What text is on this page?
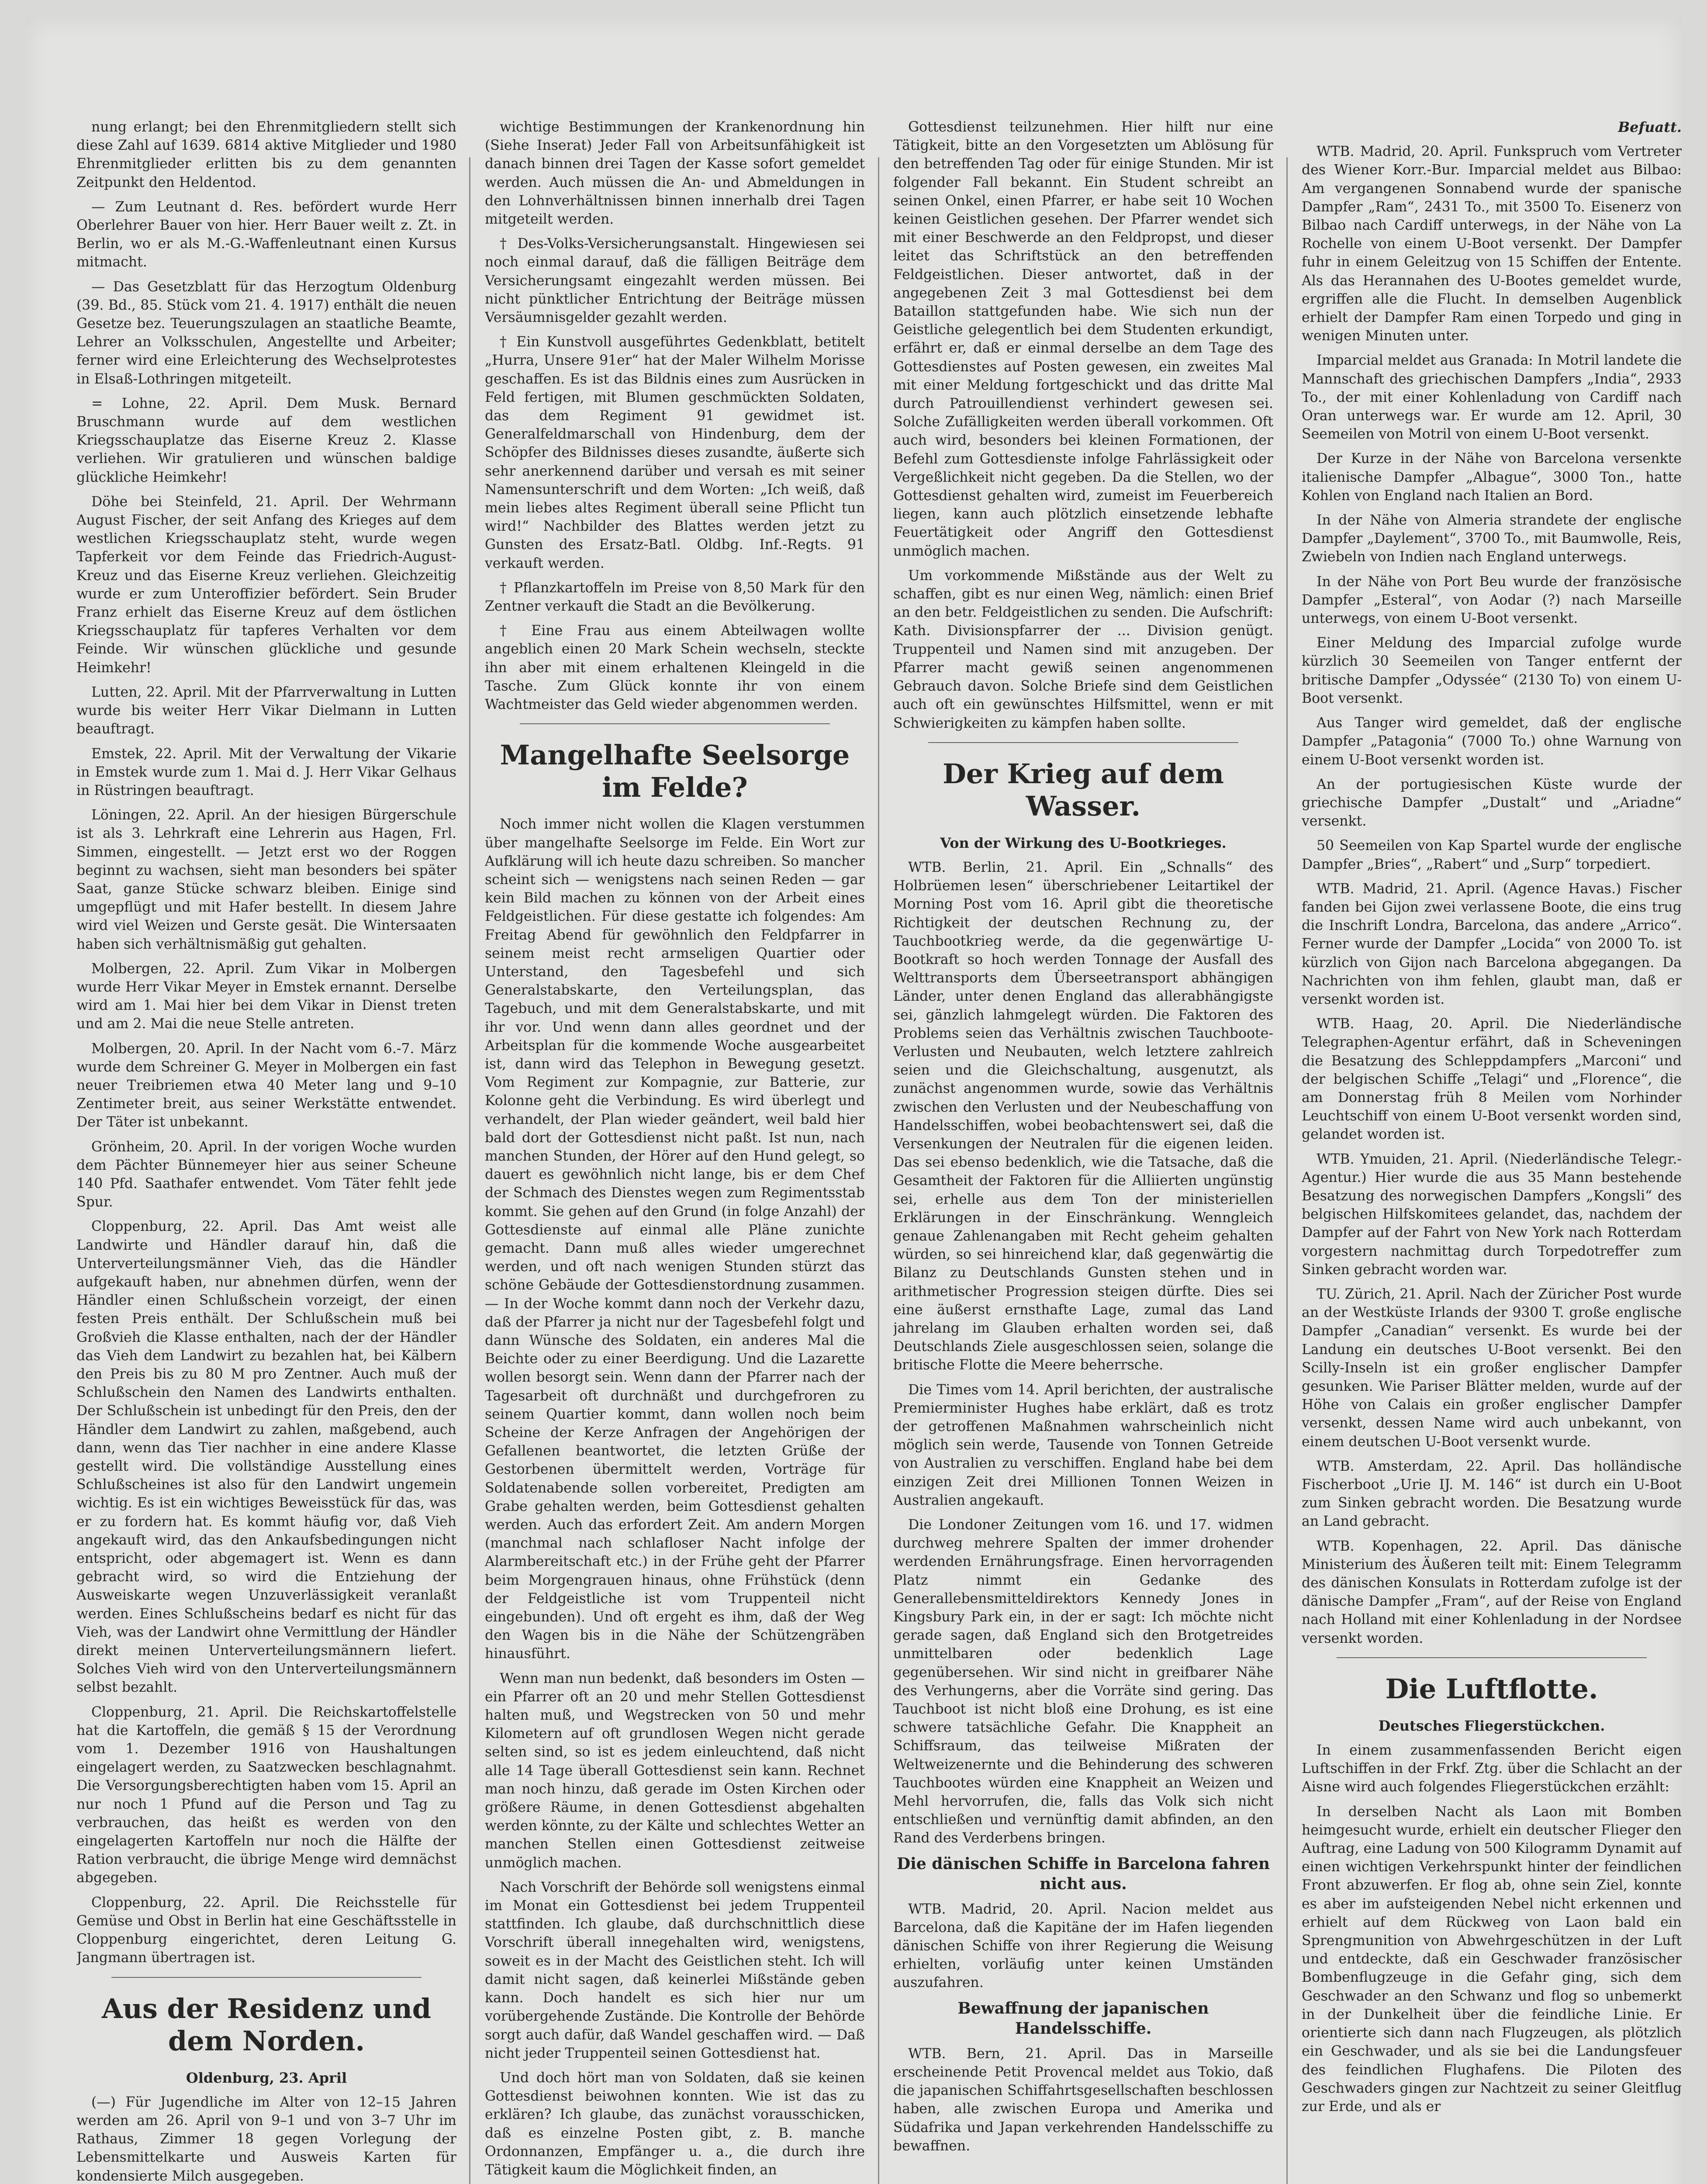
nung erlangt; bei den Ehrenmitgliedern stellt sich diese Zahl auf 1639. 6814 aktive Mitglieder und 1980 Ehrenmitglieder erlitten bis zu dem genannten Zeitpunkt den Heldentod.

— Zum Leutnant d. Res. befördert wurde Herr Oberlehrer Bauer von hier. Herr Bauer weilt z. Zt. in Berlin, wo er als M.-G.-Waffenleutnant einen Kursus mitmacht.

— Das Gesetzblatt für das Herzogtum Oldenburg (39. Bd., 85. Stück vom 21. 4. 1917) enthält die neuen Gesetze bez. Teuerungszulagen an staatliche Beamte, Lehrer an Volksschulen, Angestellte und Arbeiter; ferner wird eine Erleichterung des Wechselprotestes in Elsaß-Lothringen mitgeteilt.

= Lohne, 22. April. Dem Musk. Bernard Bruschmann wurde auf dem westlichen Kriegsschauplatze das Eiserne Kreuz 2. Klasse verliehen. Wir gratulieren und wünschen baldige glückliche Heimkehr!

Döhe bei Steinfeld, 21. April. Der Wehrmann August Fischer, der seit Anfang des Krieges auf dem westlichen Kriegsschauplatz steht, wurde wegen Tapferkeit vor dem Feinde das Friedrich-August-Kreuz und das Eiserne Kreuz verliehen. Gleichzeitig wurde er zum Unteroffizier befördert. Sein Bruder Franz erhielt das Eiserne Kreuz auf dem östlichen Kriegsschauplatz für tapferes Verhalten vor dem Feinde. Wir wünschen glückliche und gesunde Heimkehr!

Lutten, 22. April. Mit der Pfarrverwaltung in Lutten wurde bis weiter Herr Vikar Dielmann in Lutten beauftragt.

Emstek, 22. April. Mit der Verwaltung der Vikarie in Emstek wurde zum 1. Mai d. J. Herr Vikar Gelhaus in Rüstringen beauftragt.

Löningen, 22. April. An der hiesigen Bürgerschule ist als 3. Lehrkraft eine Lehrerin aus Hagen, Frl. Simmen, eingestellt. — Jetzt erst wo der Roggen beginnt zu wachsen, sieht man besonders bei später Saat, ganze Stücke schwarz bleiben. Einige sind umgepflügt und mit Hafer bestellt. In diesem Jahre wird viel Weizen und Gerste gesät. Die Wintersaaten haben sich verhältnismäßig gut gehalten.

Molbergen, 22. April. Zum Vikar in Molbergen wurde Herr Vikar Meyer in Emstek ernannt. Derselbe wird am 1. Mai hier bei dem Vikar in Dienst treten und am 2. Mai die neue Stelle antreten.

Molbergen, 20. April. In der Nacht vom 6.-7. März wurde dem Schreiner G. Meyer in Molbergen ein fast neuer Treibriemen etwa 40 Meter lang und 9–10 Zentimeter breit, aus seiner Werkstätte entwendet. Der Täter ist unbekannt.

Grönheim, 20. April. In der vorigen Woche wurden dem Pächter Bünnemeyer hier aus seiner Scheune 140 Pfd. Saathafer entwendet. Vom Täter fehlt jede Spur.

Cloppenburg, 22. April. Das Amt weist alle Landwirte und Händler darauf hin, daß die Unterverteilungsmänner Vieh, das die Händler aufgekauft haben, nur abnehmen dürfen, wenn der Händler einen Schlußschein vorzeigt, der einen festen Preis enthält. Der Schlußschein muß bei Großvieh die Klasse enthalten, nach der der Händler das Vieh dem Landwirt zu bezahlen hat, bei Kälbern den Preis bis zu 80 M pro Zentner. Auch muß der Schlußschein den Namen des Landwirts enthalten. Der Schlußschein ist unbedingt für den Preis, den der Händler dem Landwirt zu zahlen, maßgebend, auch dann, wenn das Tier nachher in eine andere Klasse gestellt wird. Die vollständige Ausstellung eines Schlußscheines ist also für den Landwirt ungemein wichtig. Es ist ein wichtiges Beweisstück für das, was er zu fordern hat. Es kommt häufig vor, daß Vieh angekauft wird, das den Ankaufsbedingungen nicht entspricht, oder abgemagert ist. Wenn es dann gebracht wird, so wird die Entziehung der Ausweiskarte wegen Unzuverlässigkeit veranlaßt werden. Eines Schlußscheins bedarf es nicht für das Vieh, was der Landwirt ohne Vermittlung der Händler direkt meinen Unterverteilungsmännern liefert. Solches Vieh wird von den Unterverteilungsmännern selbst bezahlt.

Cloppenburg, 21. April. Die Reichskartoffelstelle hat die Kartoffeln, die gemäß § 15 der Verordnung vom 1. Dezember 1916 von Haushaltungen eingelagert werden, zu Saatzwecken beschlagnahmt. Die Versorgungsberechtigten haben vom 15. April an nur noch 1 Pfund auf die Person und Tag zu verbrauchen, das heißt es werden von den eingelagerten Kartoffeln nur noch die Hälfte der Ration verbraucht, die übrige Menge wird demnächst abgegeben.

Cloppenburg, 22. April. Die Reichsstelle für Gemüse und Obst in Berlin hat eine Geschäftsstelle in Cloppenburg eingerichtet, deren Leitung G. Jangmann übertragen ist.

Aus der Residenz und dem Norden.

Oldenburg, 23. April

(—) Für Jugendliche im Alter von 12–15 Jahren werden am 26. April von 9–1 und von 3–7 Uhr im Rathaus, Zimmer 18 gegen Vorlegung der Lebensmittelkarte und Ausweis Karten für kondensierte Milch ausgegeben.

wichtige Bestimmungen der Krankenordnung hin (Siehe Inserat) Jeder Fall von Arbeitsunfähigkeit ist danach binnen drei Tagen der Kasse sofort gemeldet werden. Auch müssen die An- und Abmeldungen in den Lohnverhältnissen binnen innerhalb drei Tagen mitgeteilt werden.

† Des-Volks-Versicherungsanstalt. Hingewiesen sei noch einmal darauf, daß die fälligen Beiträge dem Versicherungsamt eingezahlt werden müssen. Bei nicht pünktlicher Entrichtung der Beiträge müssen Versäumnisgelder gezahlt werden.

† Ein Kunstvoll ausgeführtes Gedenkblatt, betitelt „Hurra, Unsere 91er“ hat der Maler Wilhelm Morisse geschaffen. Es ist das Bildnis eines zum Ausrücken in Feld fertigen, mit Blumen geschmückten Soldaten, das dem Regiment 91 gewidmet ist. Generalfeldmarschall von Hindenburg, dem der Schöpfer des Bildnisses dieses zusandte, äußerte sich sehr anerkennend darüber und versah es mit seiner Namensunterschrift und dem Worten: „Ich weiß, daß mein liebes altes Regiment überall seine Pflicht tun wird!“ Nachbilder des Blattes werden jetzt zu Gunsten des Ersatz-Batl. Oldbg. Inf.-Regts. 91 verkauft werden.

† Pflanzkartoffeln im Preise von 8,50 Mark für den Zentner verkauft die Stadt an die Bevölkerung.

† Eine Frau aus einem Abteilwagen wollte angeblich einen 20 Mark Schein wechseln, steckte ihn aber mit einem erhaltenen Kleingeld in die Tasche. Zum Glück konnte ihr von einem Wachtmeister das Geld wieder abgenommen werden.

Mangelhafte Seelsorge im Felde?

Noch immer nicht wollen die Klagen verstummen über mangelhafte Seelsorge im Felde. Ein Wort zur Aufklärung will ich heute dazu schreiben. So mancher scheint sich — wenigstens nach seinen Reden — gar kein Bild machen zu können von der Arbeit eines Feldgeistlichen. Für diese gestatte ich folgendes: Am Freitag Abend für gewöhnlich den Feldpfarrer in seinem meist recht armseligen Quartier oder Unterstand, den Tagesbefehl und sich Generalstabskarte, den Verteilungsplan, das Tagebuch, und mit dem Generalstabskarte, und mit ihr vor. Und wenn dann alles geordnet und der Arbeitsplan für die kommende Woche ausgearbeitet ist, dann wird das Telephon in Bewegung gesetzt. Vom Regiment zur Kompagnie, zur Batterie, zur Kolonne geht die Verbindung. Es wird überlegt und verhandelt, der Plan wieder geändert, weil bald hier bald dort der Gottesdienst nicht paßt. Ist nun, nach manchen Stunden, der Hörer auf den Hund gelegt, so dauert es gewöhnlich nicht lange, bis er dem Chef der Schmach des Dienstes wegen zum Regimentsstab kommt. Sie gehen auf den Grund (in folge Anzahl) der Gottesdienste auf einmal alle Pläne zunichte gemacht. Dann muß alles wieder umgerechnet werden, und oft nach wenigen Stunden stürzt das schöne Gebäude der Gottesdienstordnung zusammen. — In der Woche kommt dann noch der Verkehr dazu, daß der Pfarrer ja nicht nur der Tagesbefehl folgt und dann Wünsche des Soldaten, ein anderes Mal die Beichte oder zu einer Beerdigung. Und die Lazarette wollen besorgt sein. Wenn dann der Pfarrer nach der Tagesarbeit oft durchnäßt und durchgefroren zu seinem Quartier kommt, dann wollen noch beim Scheine der Kerze Anfragen der Angehörigen der Gefallenen beantwortet, die letzten Grüße der Gestorbenen übermittelt werden, Vorträge für Soldatenabende sollen vorbereitet, Predigten am Grabe gehalten werden, beim Gottesdienst gehalten werden. Auch das erfordert Zeit. Am andern Morgen (manchmal nach schlafloser Nacht infolge der Alarmbereitschaft etc.) in der Frühe geht der Pfarrer beim Morgengrauen hinaus, ohne Frühstück (denn der Feldgeistliche ist vom Truppenteil nicht eingebunden). Und oft ergeht es ihm, daß der Weg den Wagen bis in die Nähe der Schützengräben hinausführt.

Wenn man nun bedenkt, daß besonders im Osten — ein Pfarrer oft an 20 und mehr Stellen Gottesdienst halten muß, und Wegstrecken von 50 und mehr Kilometern auf oft grundlosen Wegen nicht gerade selten sind, so ist es jedem einleuchtend, daß nicht alle 14 Tage überall Gottesdienst sein kann. Rechnet man noch hinzu, daß gerade im Osten Kirchen oder größere Räume, in denen Gottesdienst abgehalten werden könnte, zu der Kälte und schlechtes Wetter an manchen Stellen einen Gottesdienst zeitweise unmöglich machen.

Nach Vorschrift der Behörde soll wenigstens einmal im Monat ein Gottesdienst bei jedem Truppenteil stattfinden. Ich glaube, daß durchschnittlich diese Vorschrift überall innegehalten wird, wenigstens, soweit es in der Macht des Geistlichen steht. Ich will damit nicht sagen, daß keinerlei Mißstände geben kann. Doch handelt es sich hier nur um vorübergehende Zustände. Die Kontrolle der Behörde sorgt auch dafür, daß Wandel geschaffen wird. — Daß nicht jeder Truppenteil seinen Gottesdienst hat.

Und doch hört man von Soldaten, daß sie keinen Gottesdienst beiwohnen konnten. Wie ist das zu erklären? Ich glaube, das zunächst vorausschicken, daß es einzelne Posten gibt, z. B. manche Ordonnanzen, Empfänger u. a., die durch ihre Tätigkeit kaum die Möglichkeit finden, an

Gottesdienst teilzunehmen. Hier hilft nur eine Tätigkeit, bitte an den Vorgesetzten um Ablösung für den betreffenden Tag oder für einige Stunden. Mir ist folgender Fall bekannt. Ein Student schreibt an seinen Onkel, einen Pfarrer, er habe seit 10 Wochen keinen Geistlichen gesehen. Der Pfarrer wendet sich mit einer Beschwerde an den Feldpropst, und dieser leitet das Schriftstück an den betreffenden Feldgeistlichen. Dieser antwortet, daß in der angegebenen Zeit 3 mal Gottesdienst bei dem Bataillon stattgefunden habe. Wie sich nun der Geistliche gelegentlich bei dem Studenten erkundigt, erfährt er, daß er einmal derselbe an dem Tage des Gottesdienstes auf Posten gewesen, ein zweites Mal mit einer Meldung fortgeschickt und das dritte Mal durch Patrouillendienst verhindert gewesen sei. Solche Zufälligkeiten werden überall vorkommen. Oft auch wird, besonders bei kleinen Formationen, der Befehl zum Gottesdienste infolge Fahrlässigkeit oder Vergeßlichkeit nicht gegeben. Da die Stellen, wo der Gottesdienst gehalten wird, zumeist im Feuerbereich liegen, kann auch plötzlich einsetzende lebhafte Feuertätigkeit oder Angriff den Gottesdienst unmöglich machen.

Um vorkommende Mißstände aus der Welt zu schaffen, gibt es nur einen Weg, nämlich: einen Brief an den betr. Feldgeistlichen zu senden. Die Aufschrift: Kath. Divisionspfarrer der ... Division genügt. Truppenteil und Namen sind mit anzugeben. Der Pfarrer macht gewiß seinen angenommenen Gebrauch davon. Solche Briefe sind dem Geistlichen auch oft ein gewünschtes Hilfsmittel, wenn er mit Schwierigkeiten zu kämpfen haben sollte.

Der Krieg auf dem Wasser.

Von der Wirkung des U-Bootkrieges.

WTB. Berlin, 21. April. Ein „Schnalls“ des Holbrüemen lesen“ überschriebener Leitartikel der Morning Post vom 16. April gibt die theoretische Richtigkeit der deutschen Rechnung zu, der Tauchbootkrieg werde, da die gegenwärtige U-Bootkraft so hoch werden Tonnage der Ausfall des Welttransports dem Überseetransport abhängigen Länder, unter denen England das allerabhängigste sei, gänzlich lahmgelegt würden. Die Faktoren des Problems seien das Verhältnis zwischen Tauchboote-Verlusten und Neubauten, welch letztere zahlreich seien und die Gleichschaltung, ausgenutzt, als zunächst angenommen wurde, sowie das Verhältnis zwischen den Verlusten und der Neubeschaffung von Handelsschiffen, wobei beobachtenswert sei, daß die Versenkungen der Neutralen für die eigenen leiden. Das sei ebenso bedenklich, wie die Tatsache, daß die Gesamtheit der Faktoren für die Alliierten ungünstig sei, erhelle aus dem Ton der ministeriellen Erklärungen in der Einschränkung. Wenngleich genaue Zahlenangaben mit Recht geheim gehalten würden, so sei hinreichend klar, daß gegenwärtig die Bilanz zu Deutschlands Gunsten stehen und in arithmetischer Progression steigen dürfte. Dies sei eine äußerst ernsthafte Lage, zumal das Land jahrelang im Glauben erhalten worden sei, daß Deutschlands Ziele ausgeschlossen seien, solange die britische Flotte die Meere beherrsche.

Die Times vom 14. April berichten, der australische Premierminister Hughes habe erklärt, daß es trotz der getroffenen Maßnahmen wahrscheinlich nicht möglich sein werde, Tausende von Tonnen Getreide von Australien zu verschiffen. England habe bei dem einzigen Zeit drei Millionen Tonnen Weizen in Australien angekauft.

Die Londoner Zeitungen vom 16. und 17. widmen durchweg mehrere Spalten der immer drohender werdenden Ernährungsfrage. Einen hervorragenden Platz nimmt ein Gedanke des Generallebensmitteldirektors Kennedy Jones in Kingsbury Park ein, in der er sagt: Ich möchte nicht gerade sagen, daß England sich den Brotgetreides unmittelbaren oder bedenklich Lage gegenübersehen. Wir sind nicht in greifbarer Nähe des Verhungerns, aber die Vorräte sind gering. Das Tauchboot ist nicht bloß eine Drohung, es ist eine schwere tatsächliche Gefahr. Die Knappheit an Schiffsraum, das teilweise Mißraten der Weltweizenernte und die Behinderung des schweren Tauchbootes würden eine Knappheit an Weizen und Mehl hervorrufen, die, falls das Volk sich nicht entschließen und vernünftig damit abfinden, an den Rand des Verderbens bringen.

Die dänischen Schiffe in Barcelona fahren nicht aus.

WTB. Madrid, 20. April. Nacion meldet aus Barcelona, daß die Kapitäne der im Hafen liegenden dänischen Schiffe von ihrer Regierung die Weisung erhielten, vorläufig unter keinen Umständen auszufahren.

Bewaffnung der japanischen Handelsschiffe.

WTB. Bern, 21. April. Das in Marseille erscheinende Petit Provencal meldet aus Tokio, daß die japanischen Schiffahrtsgesellschaften beschlossen haben, alle zwischen Europa und Amerika und Südafrika und Japan verkehrenden Handelsschiffe zu bewaffnen.

Befuatt.

WTB. Madrid, 20. April. Funkspruch vom Vertreter des Wiener Korr.-Bur. Imparcial meldet aus Bilbao: Am vergangenen Sonnabend wurde der spanische Dampfer „Ram“, 2431 To., mit 3500 To. Eisenerz von Bilbao nach Cardiff unterwegs, in der Nähe von La Rochelle von einem U-Boot versenkt. Der Dampfer fuhr in einem Geleitzug von 15 Schiffen der Entente. Als das Herannahen des U-Bootes gemeldet wurde, ergriffen alle die Flucht. In demselben Augenblick erhielt der Dampfer Ram einen Torpedo und ging in wenigen Minuten unter.

Imparcial meldet aus Granada: In Motril landete die Mannschaft des griechischen Dampfers „India“, 2933 To., der mit einer Kohlenladung von Cardiff nach Oran unterwegs war. Er wurde am 12. April, 30 Seemeilen von Motril von einem U-Boot versenkt.

Der Kurze in der Nähe von Barcelona versenkte italienische Dampfer „Albague“, 3000 Ton., hatte Kohlen von England nach Italien an Bord.

In der Nähe von Almeria strandete der englische Dampfer „Daylement“, 3700 To., mit Baumwolle, Reis, Zwiebeln von Indien nach England unterwegs.

In der Nähe von Port Beu wurde der französische Dampfer „Esteral“, von Aodar (?) nach Marseille unterwegs, von einem U-Boot versenkt.

Einer Meldung des Imparcial zufolge wurde kürzlich 30 Seemeilen von Tanger entfernt der britische Dampfer „Odyssée“ (2130 To) von einem U-Boot versenkt.

Aus Tanger wird gemeldet, daß der englische Dampfer „Patagonia“ (7000 To.) ohne Warnung von einem U-Boot versenkt worden ist.

An der portugiesischen Küste wurde der griechische Dampfer „Dustalt“ und „Ariadne“ versenkt.

50 Seemeilen von Kap Spartel wurde der englische Dampfer „Bries“, „Rabert“ und „Surp“ torpediert.

WTB. Madrid, 21. April. (Agence Havas.) Fischer fanden bei Gijon zwei verlassene Boote, die eins trug die Inschrift Londra, Barcelona, das andere „Arrico“. Ferner wurde der Dampfer „Locida“ von 2000 To. ist kürzlich von Gijon nach Barcelona abgegangen. Da Nachrichten von ihm fehlen, glaubt man, daß er versenkt worden ist.

WTB. Haag, 20. April. Die Niederländische Telegraphen-Agentur erfährt, daß in Scheveningen die Besatzung des Schleppdampfers „Marconi“ und der belgischen Schiffe „Telagi“ und „Florence“, die am Donnerstag früh 8 Meilen vom Norhinder Leuchtschiff von einem U-Boot versenkt worden sind, gelandet worden ist.

WTB. Ymuiden, 21. April. (Niederländische Telegr.-Agentur.) Hier wurde die aus 35 Mann bestehende Besatzung des norwegischen Dampfers „Kongsli“ des belgischen Hilfskomitees gelandet, das, nachdem der Dampfer auf der Fahrt von New York nach Rotterdam vorgestern nachmittag durch Torpedotreffer zum Sinken gebracht worden war.

TU. Zürich, 21. April. Nach der Züricher Post wurde an der Westküste Irlands der 9300 T. große englische Dampfer „Canadian“ versenkt. Es wurde bei der Landung ein deutsches U-Boot versenkt. Bei den Scilly-Inseln ist ein großer englischer Dampfer gesunken. Wie Pariser Blätter melden, wurde auf der Höhe von Calais ein großer englischer Dampfer versenkt, dessen Name wird auch unbekannt, von einem deutschen U-Boot versenkt wurde.

WTB. Amsterdam, 22. April. Das holländische Fischerboot „Urie IJ. M. 146“ ist durch ein U-Boot zum Sinken gebracht worden. Die Besatzung wurde an Land gebracht.

WTB. Kopenhagen, 22. April. Das dänische Ministerium des Äußeren teilt mit: Einem Telegramm des dänischen Konsulats in Rotterdam zufolge ist der dänische Dampfer „Fram“, auf der Reise von England nach Holland mit einer Kohlenladung in der Nordsee versenkt worden.

Die Luftflotte.

Deutsches Fliegerstückchen.

In einem zusammenfassenden Bericht eigen Luftschiffen in der Frkf. Ztg. über die Schlacht an der Aisne wird auch folgendes Fliegerstückchen erzählt:

In derselben Nacht als Laon mit Bomben heimgesucht wurde, erhielt ein deutscher Flieger den Auftrag, eine Ladung von 500 Kilogramm Dynamit auf einen wichtigen Verkehrspunkt hinter der feindlichen Front abzuwerfen. Er flog ab, ohne sein Ziel, konnte es aber im aufsteigenden Nebel nicht erkennen und erhielt auf dem Rückweg von Laon bald ein Sprengmunition von Abwehrgeschützen in der Luft und entdeckte, daß ein Geschwader französischer Bombenflugzeuge in die Gefahr ging, sich dem Geschwader an den Schwanz und flog so unbemerkt in der Dunkelheit über die feindliche Linie. Er orientierte sich dann nach Flugzeugen, als plötzlich ein Geschwader, und als sie bei die Landungsfeuer des feindlichen Flughafens. Die Piloten des Geschwaders gingen zur Nachtzeit zu seiner Gleitflug zur Erde, und als er
